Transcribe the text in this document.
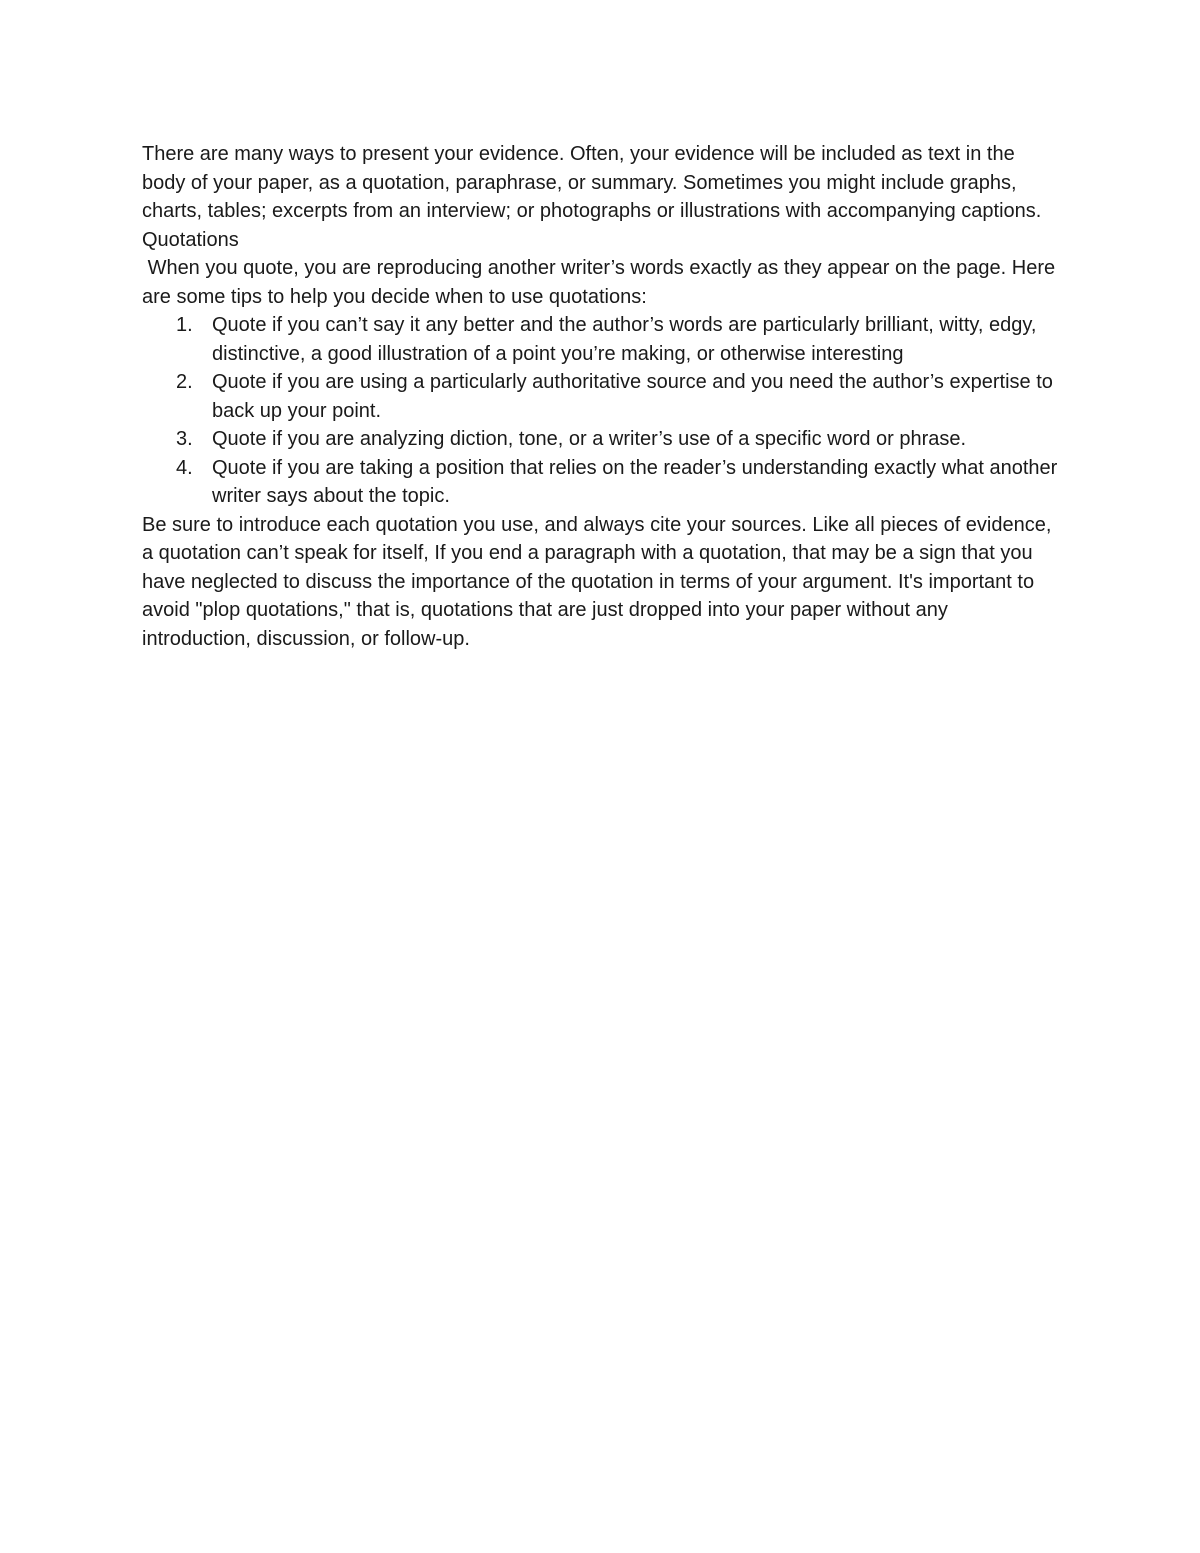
There are many ways to present your evidence. Often, your evidence will be included as text in the body of your paper, as a quotation, paraphrase, or summary. Sometimes you might include graphs, charts, tables; excerpts from an interview; or photographs or illustrations with accompanying captions.

Quotations

When you quote, you are reproducing another writer’s words exactly as they appear on the page. Here are some tips to help you decide when to use quotations:

1. Quote if you can’t say it any better and the author’s words are particularly brilliant, witty, edgy, distinctive, a good illustration of a point you’re making, or otherwise interesting
2. Quote if you are using a particularly authoritative source and you need the author’s expertise to back up your point.
3. Quote if you are analyzing diction, tone, or a writer’s use of a specific word or phrase.
4. Quote if you are taking a position that relies on the reader’s understanding exactly what another writer says about the topic.

Be sure to introduce each quotation you use, and always cite your sources. Like all pieces of evidence, a quotation can’t speak for itself, If you end a paragraph with a quotation, that may be a sign that you have neglected to discuss the importance of the quotation in terms of your argument. It's important to avoid "plop quotations," that is, quotations that are just dropped into your paper without any introduction, discussion, or follow-up.
